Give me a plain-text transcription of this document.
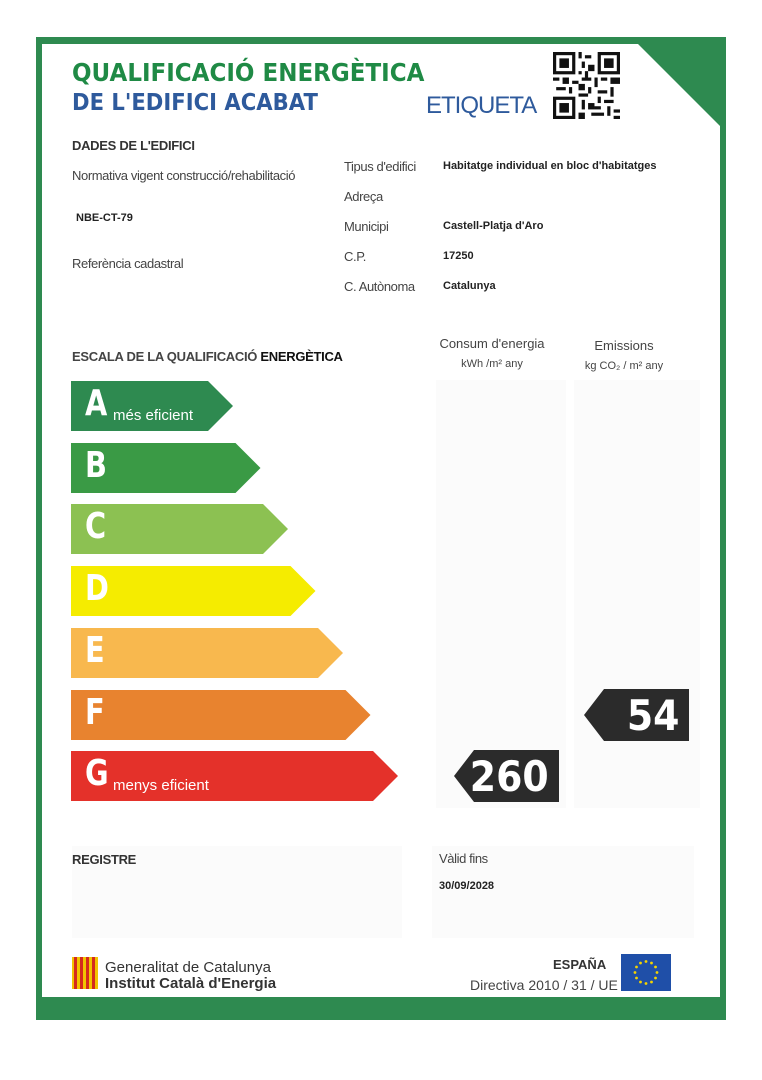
QUALIFICACIÓ ENERGÈTICA
DE L'EDIFICI ACABAT	ETIQUETA
DADES DE L'EDIFICI
Normativa vigent construcció/rehabilitació
NBE-CT-79
Referència cadastral
Tipus d'edifici Habitatge individual en bloc d'habitatges
Adreça
Municipi	Castell-Platja d'Aro
C.P.	17250
C. Autònoma	Catalunya
ESCALA DE LA QUALIFICACIÓ ENERGÈTICA
Consum d'energia
kWh /m² any
Emissions
kg CO₂ / m² any
A més eficient
B
C
D
E
F
G menys eficient	260
54
REGISTRE	Vàlid fins
30/09/2028
Generalitat de Catalunya
Institut Català d'Energia
ESPAÑA
Directiva 2010 / 31 / UE
